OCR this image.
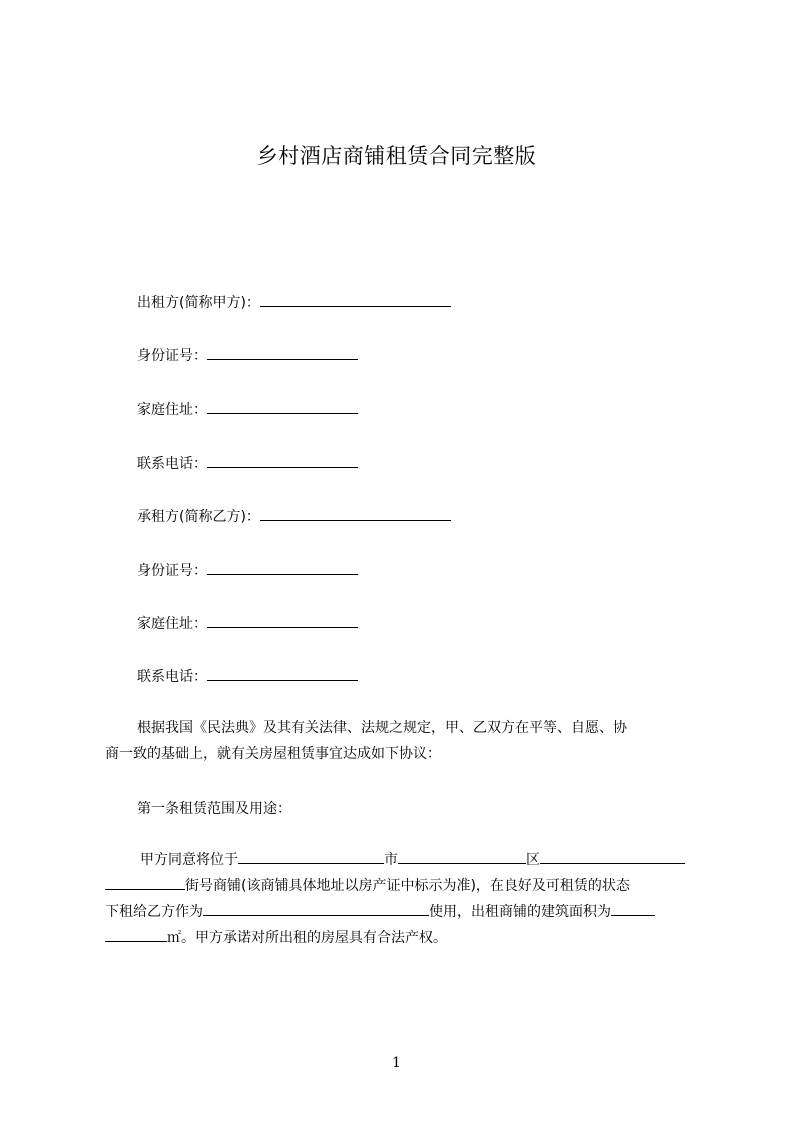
乡村酒店商铺租赁合同完整版
出租方(简称甲方)：
身份证号：
家庭住址：
联系电话：
承租方(简称乙方)：
身份证号：
家庭住址：
联系电话：
根据我国《民法典》及其有关法律、法规之规定，甲、乙双方在平等、自愿、协
商一致的基础上，就有关房屋租赁事宜达成如下协议：
第一条租赁范围及用途：
甲方同意将位于	市	区
街号商铺(该商铺具体地址以房产证中标示为准)，在良好及可租赁的状态
下租给乙方作为	使用，出租商铺的建筑面积为
㎡。甲方承诺对所出租的房屋具有合法产权。
1
